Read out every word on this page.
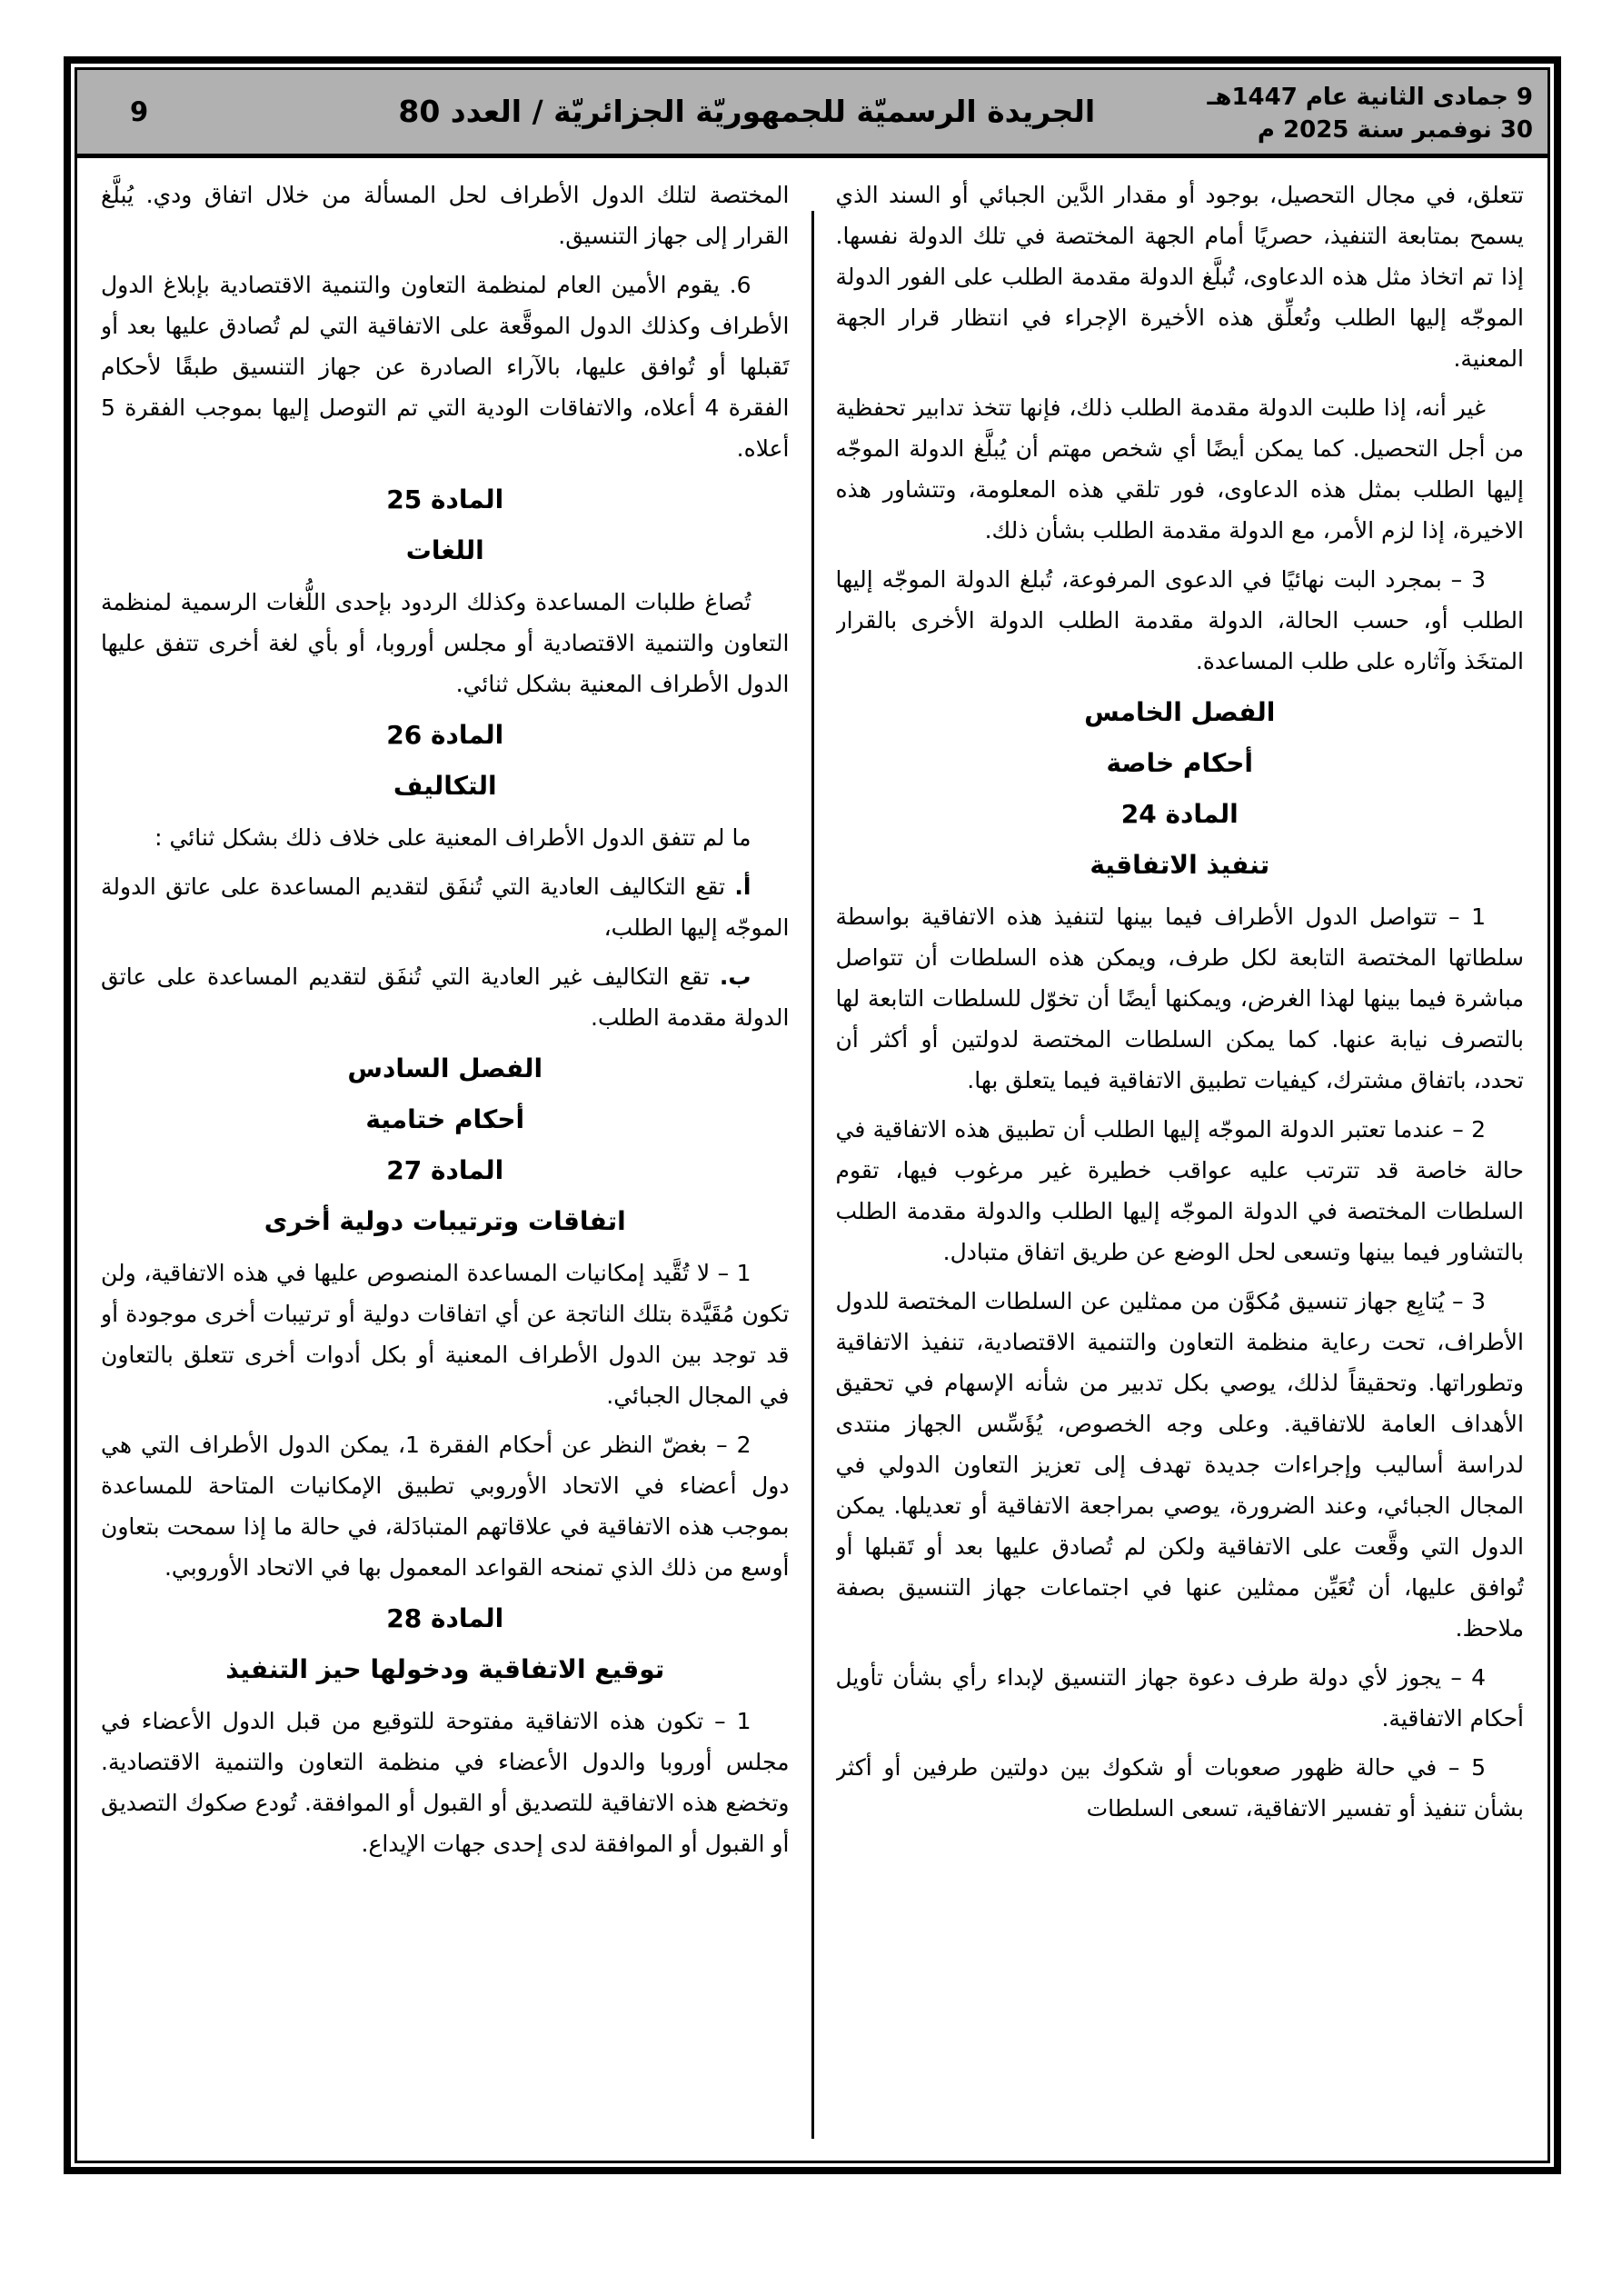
9 جمادى الثانية عام 1447هـ
30 نوفمبر سنة 2025 م
الجريدة الرسميّة للجمهوريّة الجزائريّة / العدد 80
9

تتعلق، في مجال التحصيل، بوجود أو مقدار الدَّين الجبائي أو السند الذي يسمح بمتابعة التنفيذ، حصريًا أمام الجهة المختصة في تلك الدولة نفسها. إذا تم اتخاذ مثل هذه الدعاوى، تُبلَّغ الدولة مقدمة الطلب على الفور الدولة الموجّه إليها الطلب وتُعلِّق هذه الأخيرة الإجراء في انتظار قرار الجهة المعنية.

غير أنه، إذا طلبت الدولة مقدمة الطلب ذلك، فإنها تتخذ تدابير تحفظية من أجل التحصيل. كما يمكن أيضًا أي شخص مهتم أن يُبلَّغ الدولة الموجّه إليها الطلب بمثل هذه الدعاوى، فور تلقي هذه المعلومة، وتتشاور هذه الاخيرة، إذا لزم الأمر، مع الدولة مقدمة الطلب بشأن ذلك.

3 – بمجرد البت نهائيًا في الدعوى المرفوعة، تُبلغ الدولة الموجّه إليها الطلب أو، حسب الحالة، الدولة مقدمة الطلب الدولة الأخرى بالقرار المتخَذ وآثاره على طلب المساعدة.

الفصل الخامس
أحكام خاصة
المادة 24
تنفيذ الاتفاقية

1 – تتواصل الدول الأطراف فيما بينها لتنفيذ هذه الاتفاقية بواسطة سلطاتها المختصة التابعة لكل طرف، ويمكن هذه السلطات أن تتواصل مباشرة فيما بينها لهذا الغرض، ويمكنها أيضًا أن تخوّل للسلطات التابعة لها بالتصرف نيابة عنها. كما يمكن السلطات المختصة لدولتين أو أكثر أن تحدد، باتفاق مشترك، كيفيات تطبيق الاتفاقية فيما يتعلق بها.

2 – عندما تعتبر الدولة الموجّه إليها الطلب أن تطبيق هذه الاتفاقية في حالة خاصة قد تترتب عليه عواقب خطيرة غير مرغوب فيها، تقوم السلطات المختصة في الدولة الموجّه إليها الطلب والدولة مقدمة الطلب بالتشاور فيما بينها وتسعى لحل الوضع عن طريق اتفاق متبادل.

3 – يُتابِع جهاز تنسيق مُكوَّن من ممثلين عن السلطات المختصة للدول الأطراف، تحت رعاية منظمة التعاون والتنمية الاقتصادية، تنفيذ الاتفاقية وتطوراتها. وتحقيقاً لذلك، يوصي بكل تدبير من شأنه الإسهام في تحقيق الأهداف العامة للاتفاقية. وعلى وجه الخصوص، يُؤَسِّس الجهاز منتدى لدراسة أساليب وإجراءات جديدة تهدف إلى تعزيز التعاون الدولي في المجال الجبائي، وعند الضرورة، يوصي بمراجعة الاتفاقية أو تعديلها. يمكن الدول التي وقَّعت على الاتفاقية ولكن لم تُصادق عليها بعد أو تَقبلها أو تُوافق عليها، أن تُعَيِّن ممثلين عنها في اجتماعات جهاز التنسيق بصفة ملاحظ.

4 – يجوز لأي دولة طرف دعوة جهاز التنسيق لإبداء رأي بشأن تأويل أحكام الاتفاقية.

5 – في حالة ظهور صعوبات أو شكوك بين دولتين طرفين أو أكثر بشأن تنفيذ أو تفسير الاتفاقية، تسعى السلطات

المختصة لتلك الدول الأطراف لحل المسألة من خلال اتفاق ودي. يُبلَّغ القرار إلى جهاز التنسيق.

6. يقوم الأمين العام لمنظمة التعاون والتنمية الاقتصادية بإبلاغ الدول الأطراف وكذلك الدول الموقَّعة على الاتفاقية التي لم تُصادق عليها بعد أو تَقبلها أو تُوافق عليها، بالآراء الصادرة عن جهاز التنسيق طبقًا لأحكام الفقرة 4 أعلاه، والاتفاقات الودية التي تم التوصل إليها بموجب الفقرة 5 أعلاه.

المادة 25
اللغات

تُصاغ طلبات المساعدة وكذلك الردود بإحدى اللُّغات الرسمية لمنظمة التعاون والتنمية الاقتصادية أو مجلس أوروبا، أو بأي لغة أخرى تتفق عليها الدول الأطراف المعنية بشكل ثنائي.

المادة 26
التكاليف

ما لم تتفق الدول الأطراف المعنية على خلاف ذلك بشكل ثنائي :

أ. تقع التكاليف العادية التي تُنفَق لتقديم المساعدة على عاتق الدولة الموجّه إليها الطلب،

ب. تقع التكاليف غير العادية التي تُنفَق لتقديم المساعدة على عاتق الدولة مقدمة الطلب.

الفصل السادس
أحكام ختامية
المادة 27
اتفاقات وترتيبات دولية أخرى

1 – لا تُقَّيد إمكانيات المساعدة المنصوص عليها في هذه الاتفاقية، ولن تكون مُقَيَّدة بتلك الناتجة عن أي اتفاقات دولية أو ترتيبات أخرى موجودة أو قد توجد بين الدول الأطراف المعنية أو بكل أدوات أخرى تتعلق بالتعاون في المجال الجبائي.

2 – بغضّ النظر عن أحكام الفقرة 1، يمكن الدول الأطراف التي هي دول أعضاء في الاتحاد الأوروبي تطبيق الإمكانيات المتاحة للمساعدة بموجب هذه الاتفاقية في علاقاتهم المتبادَلة، في حالة ما إذا سمحت بتعاون أوسع من ذلك الذي تمنحه القواعد المعمول بها في الاتحاد الأوروبي.

المادة 28
توقيع الاتفاقية ودخولها حيز التنفيذ

1 – تكون هذه الاتفاقية مفتوحة للتوقيع من قبل الدول الأعضاء في مجلس أوروبا والدول الأعضاء في منظمة التعاون والتنمية الاقتصادية. وتخضع هذه الاتفاقية للتصديق أو القبول أو الموافقة. تُودع صكوك التصديق أو القبول أو الموافقة لدى إحدى جهات الإيداع.
